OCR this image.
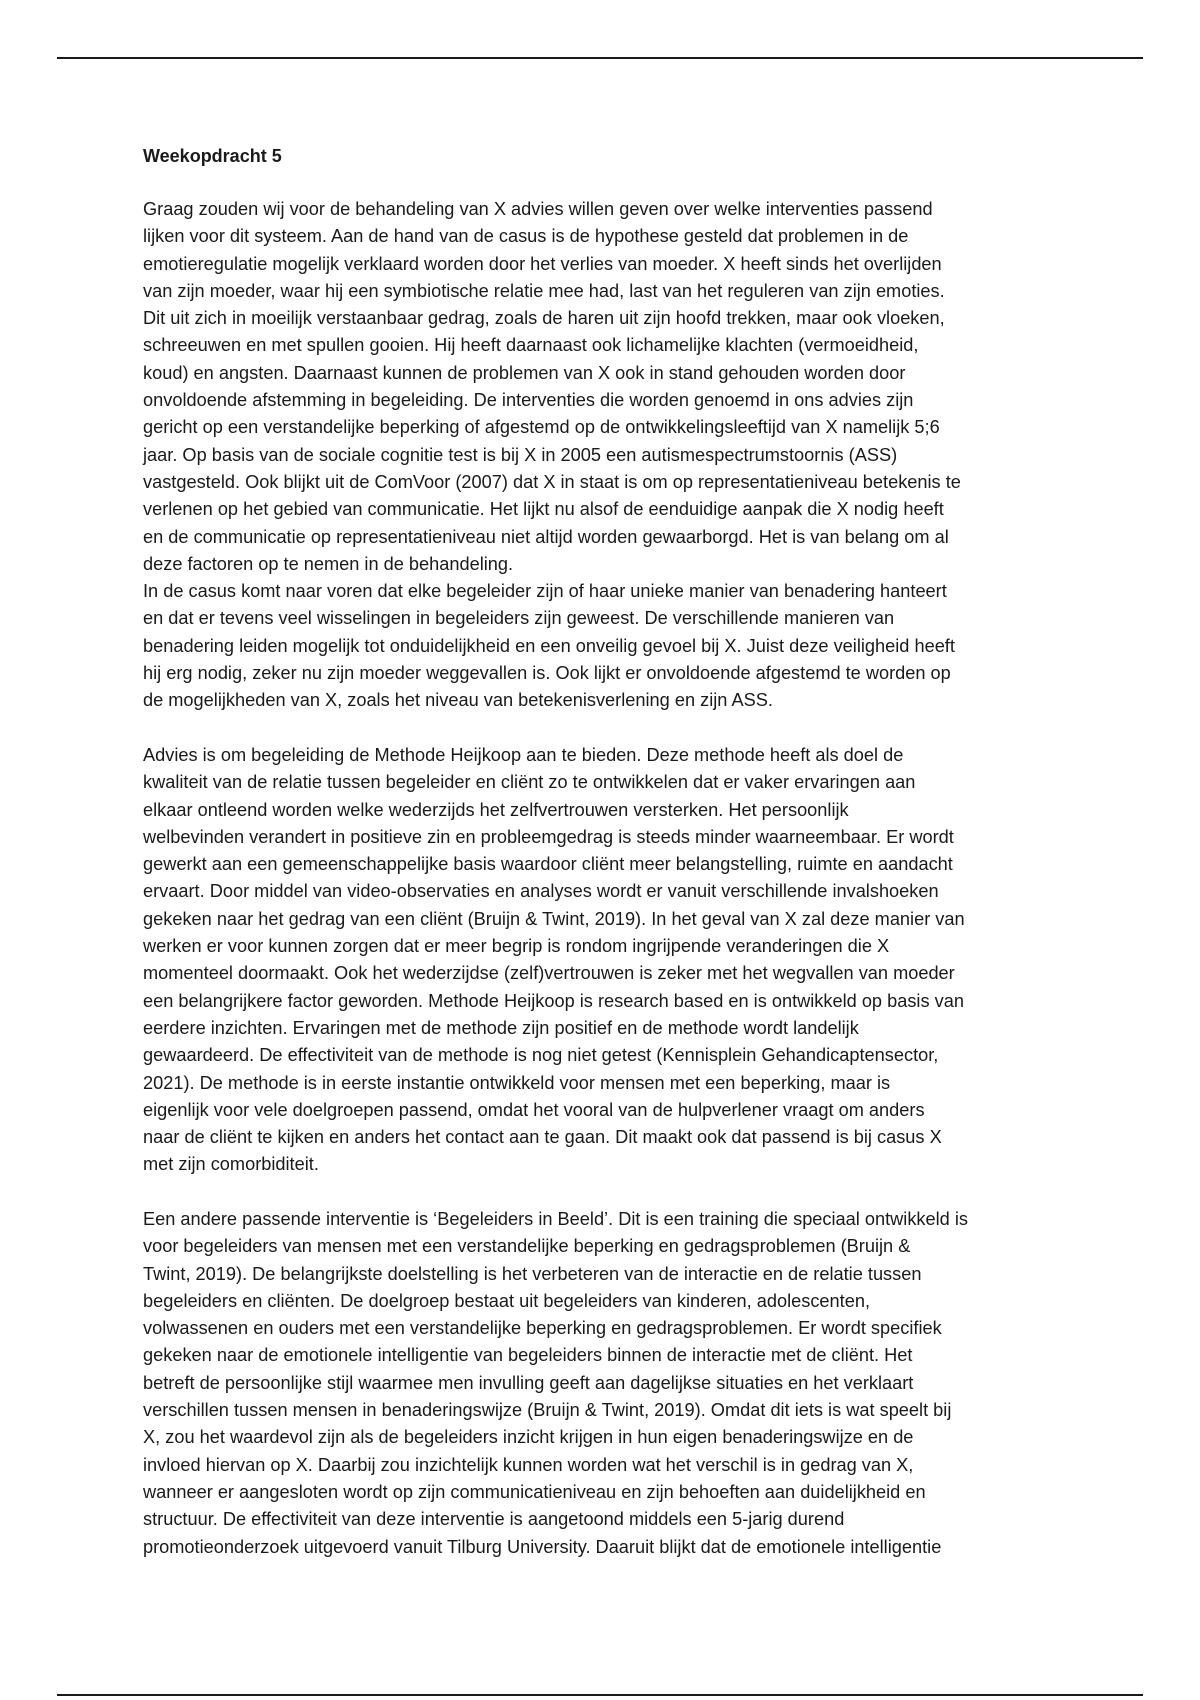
Weekopdracht 5
Graag zouden wij voor de behandeling van X advies willen geven over welke interventies passend
lijken voor dit systeem. Aan de hand van de casus is de hypothese gesteld dat problemen in de
emotieregulatie mogelijk verklaard worden door het verlies van moeder. X heeft sinds het overlijden
van zijn moeder, waar hij een symbiotische relatie mee had, last van het reguleren van zijn emoties.
Dit uit zich in moeilijk verstaanbaar gedrag, zoals de haren uit zijn hoofd trekken, maar ook vloeken,
schreeuwen en met spullen gooien. Hij heeft daarnaast ook lichamelijke klachten (vermoeidheid,
koud) en angsten. Daarnaast kunnen de problemen van X ook in stand gehouden worden door
onvoldoende afstemming in begeleiding. De interventies die worden genoemd in ons advies zijn
gericht op een verstandelijke beperking of afgestemd op de ontwikkelingsleeftijd van X namelijk 5;6
jaar. Op basis van de sociale cognitie test is bij X in 2005 een autismespectrumstoornis (ASS)
vastgesteld. Ook blijkt uit de ComVoor (2007) dat X in staat is om op representatieniveau betekenis te
verlenen op het gebied van communicatie. Het lijkt nu alsof de eenduidige aanpak die X nodig heeft
en de communicatie op representatieniveau niet altijd worden gewaarborgd. Het is van belang om al
deze factoren op te nemen in de behandeling.
In de casus komt naar voren dat elke begeleider zijn of haar unieke manier van benadering hanteert
en dat er tevens veel wisselingen in begeleiders zijn geweest. De verschillende manieren van
benadering leiden mogelijk tot onduidelijkheid en een onveilig gevoel bij X. Juist deze veiligheid heeft
hij erg nodig, zeker nu zijn moeder weggevallen is. Ook lijkt er onvoldoende afgestemd te worden op
de mogelijkheden van X, zoals het niveau van betekenisverlening en zijn ASS.
Advies is om begeleiding de Methode Heijkoop aan te bieden. Deze methode heeft als doel de
kwaliteit van de relatie tussen begeleider en cliënt zo te ontwikkelen dat er vaker ervaringen aan
elkaar ontleend worden welke wederzijds het zelfvertrouwen versterken. Het persoonlijk
welbevinden verandert in positieve zin en probleemgedrag is steeds minder waarneembaar. Er wordt
gewerkt aan een gemeenschappelijke basis waardoor cliënt meer belangstelling, ruimte en aandacht
ervaart. Door middel van video-observaties en analyses wordt er vanuit verschillende invalshoeken
gekeken naar het gedrag van een cliënt (Bruijn & Twint, 2019). In het geval van X zal deze manier van
werken er voor kunnen zorgen dat er meer begrip is rondom ingrijpende veranderingen die X
momenteel doormaakt. Ook het wederzijdse (zelf)vertrouwen is zeker met het wegvallen van moeder
een belangrijkere factor geworden. Methode Heijkoop is research based en is ontwikkeld op basis van
eerdere inzichten. Ervaringen met de methode zijn positief en de methode wordt landelijk
gewaardeerd. De effectiviteit van de methode is nog niet getest (Kennisplein Gehandicaptensector,
2021). De methode is in eerste instantie ontwikkeld voor mensen met een beperking, maar is
eigenlijk voor vele doelgroepen passend, omdat het vooral van de hulpverlener vraagt om anders
naar de cliënt te kijken en anders het contact aan te gaan. Dit maakt ook dat passend is bij casus X
met zijn comorbiditeit.
Een andere passende interventie is ‘Begeleiders in Beeld’. Dit is een training die speciaal ontwikkeld is
voor begeleiders van mensen met een verstandelijke beperking en gedragsproblemen (Bruijn &
Twint, 2019). De belangrijkste doelstelling is het verbeteren van de interactie en de relatie tussen
begeleiders en cliënten. De doelgroep bestaat uit begeleiders van kinderen, adolescenten,
volwassenen en ouders met een verstandelijke beperking en gedragsproblemen. Er wordt specifiek
gekeken naar de emotionele intelligentie van begeleiders binnen de interactie met de cliënt. Het
betreft de persoonlijke stijl waarmee men invulling geeft aan dagelijkse situaties en het verklaart
verschillen tussen mensen in benaderingswijze (Bruijn & Twint, 2019). Omdat dit iets is wat speelt bij
X, zou het waardevol zijn als de begeleiders inzicht krijgen in hun eigen benaderingswijze en de
invloed hiervan op X. Daarbij zou inzichtelijk kunnen worden wat het verschil is in gedrag van X,
wanneer er aangesloten wordt op zijn communicatieniveau en zijn behoeften aan duidelijkheid en
structuur. De effectiviteit van deze interventie is aangetoond middels een 5-jarig durend
promotieonderzoek uitgevoerd vanuit Tilburg University. Daaruit blijkt dat de emotionele intelligentie
